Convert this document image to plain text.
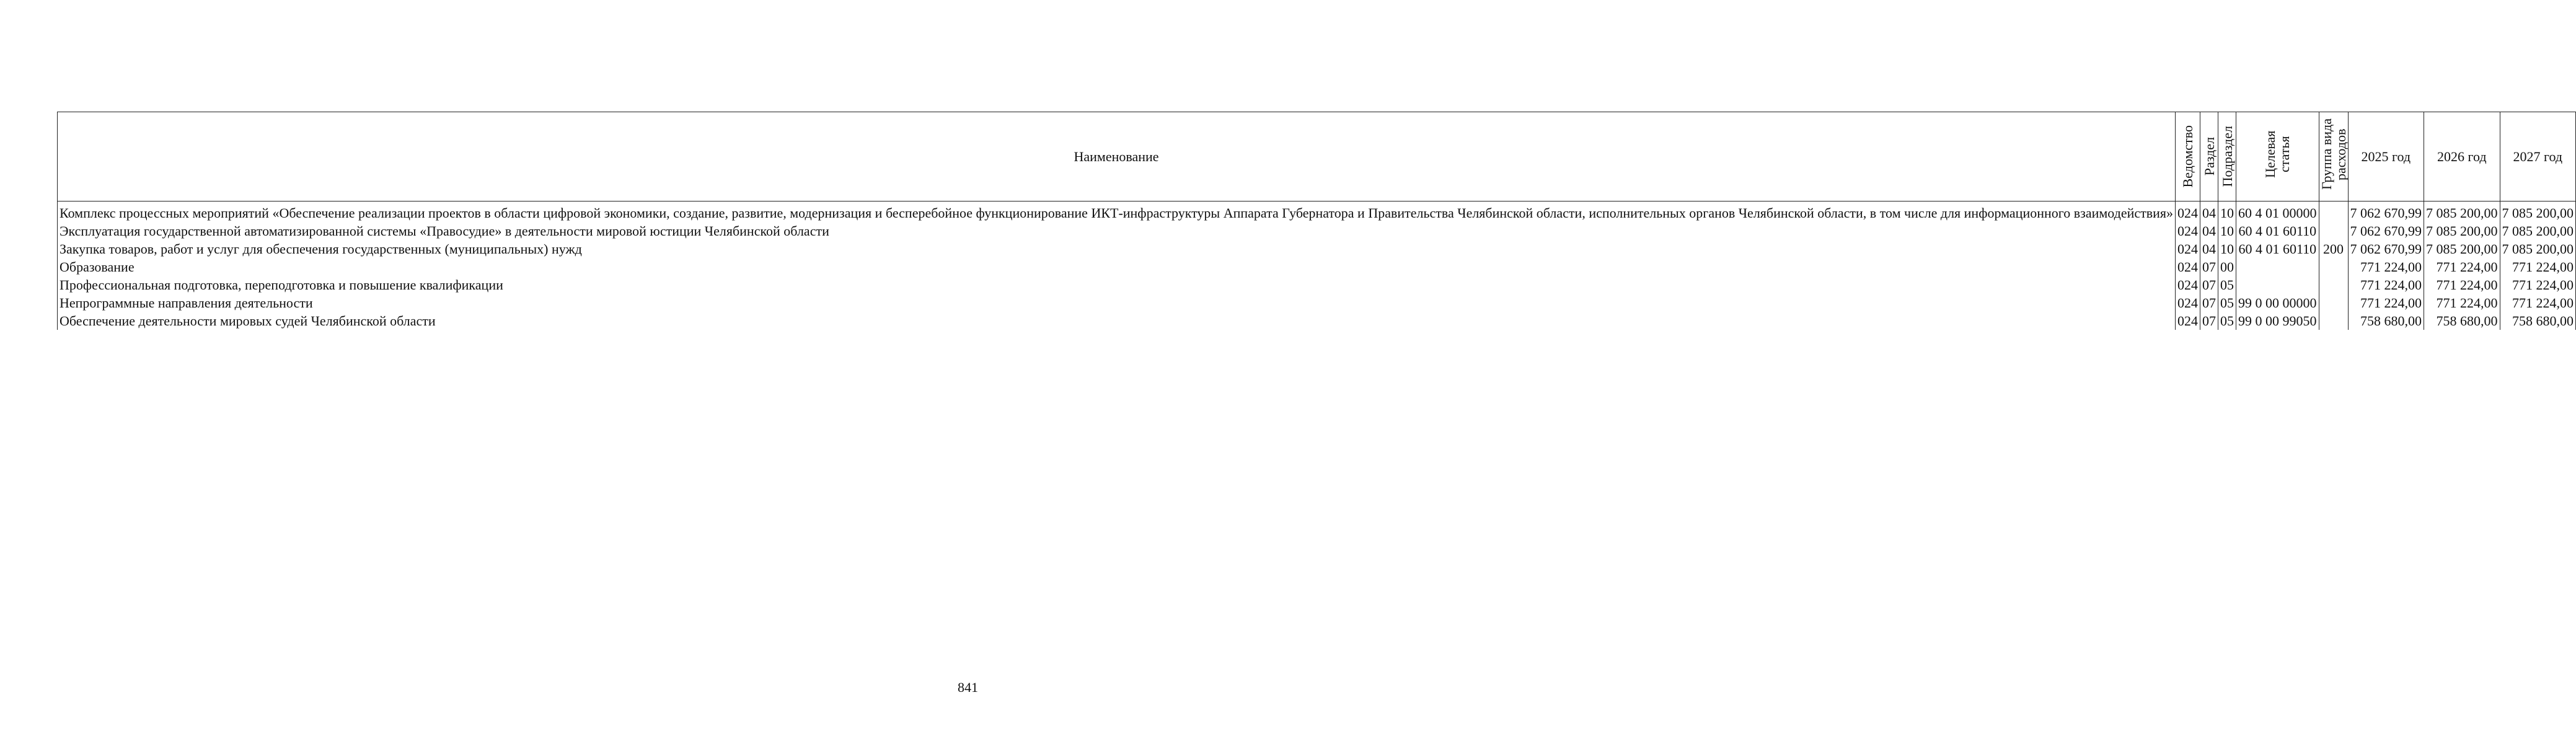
Наименование	Ведомство	Раздел	Подраздел	Целевая статья	Группа вида расходов	2025 год	2026 год	2027 год
Комплекс процессных мероприятий «Обеспечение реализации проектов в области цифровой экономики, создание, развитие, модернизация и бесперебойное функционирование ИКТ-инфраструктуры Аппарата Губернатора и Правительства Челябинской области, исполнительных органов Челябинской области, в том числе для информационного взаимодействия»	024	04	10	60 4 01 00000		7 062 670,99	7 085 200,00	7 085 200,00
Эксплуатация государственной автоматизированной системы «Правосудие» в деятельности мировой юстиции Челябинской области	024	04	10	60 4 01 60110		7 062 670,99	7 085 200,00	7 085 200,00
Закупка товаров, работ и услуг для обеспечения государственных (муниципальных) нужд	024	04	10	60 4 01 60110	200	7 062 670,99	7 085 200,00	7 085 200,00
Образование	024	07	00			771 224,00	771 224,00	771 224,00
Профессиональная подготовка, переподготовка и повышение квалификации	024	07	05			771 224,00	771 224,00	771 224,00
Непрограммные направления деятельности	024	07	05	99 0 00 00000		771 224,00	771 224,00	771 224,00
Обеспечение деятельности мировых судей Челябинской области	024	07	05	99 0 00 99050		758 680,00	758 680,00	758 680,00
841
